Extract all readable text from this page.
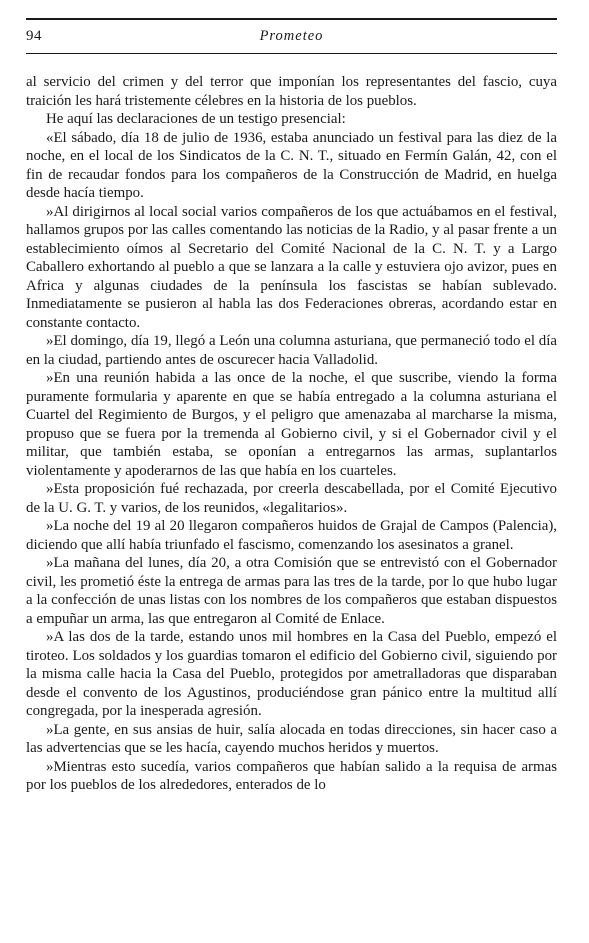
94	Prometeo

al servicio del crimen y del terror que imponían los representantes del fascio, cuya traición les hará tristemente célebres en la historia de los pueblos.

He aquí las declaraciones de un testigo presencial:

«El sábado, día 18 de julio de 1936, estaba anunciado un festival para las diez de la noche, en el local de los Sindicatos de la C. N. T., situado en Fermín Galán, 42, con el fin de recaudar fondos para los compañeros de la Construcción de Madrid, en huelga desde hacía tiempo.

»Al dirigirnos al local social varios compañeros de los que actuábamos en el festival, hallamos grupos por las calles comentando las noticias de la Radio, y al pasar frente a un establecimiento oímos al Secretario del Comité Nacional de la C. N. T. y a Largo Caballero exhortando al pueblo a que se lanzara a la calle y estuviera ojo avizor, pues en Africa y algunas ciudades de la península los fascistas se habían sublevado. Inmediatamente se pusieron al habla las dos Federaciones obreras, acordando estar en constante contacto.

»El domingo, día 19, llegó a León una columna asturiana, que permaneció todo el día en la ciudad, partiendo antes de oscurecer hacia Valladolid.

»En una reunión habida a las once de la noche, el que suscribe, viendo la forma puramente formularia y aparente en que se había entregado a la columna asturiana el Cuartel del Regimiento de Burgos, y el peligro que amenazaba al marcharse la misma, propuso que se fuera por la tremenda al Gobierno civil, y si el Gobernador civil y el militar, que también estaba, se oponían a entregarnos las armas, suplantarlos violentamente y apoderarnos de las que había en los cuarteles.

»Esta proposición fué rechazada, por creerla descabellada, por el Comité Ejecutivo de la U. G. T. y varios, de los reunidos, «legalitarios».

»La noche del 19 al 20 llegaron compañeros huidos de Grajal de Campos (Palencia), diciendo que allí había triunfado el fascismo, comenzando los asesinatos a granel.

»La mañana del lunes, día 20, a otra Comisión que se entrevistó con el Gobernador civil, les prometió éste la entrega de armas para las tres de la tarde, por lo que hubo lugar a la confección de unas listas con los nombres de los compañeros que estaban dispuestos a empuñar un arma, las que entregaron al Comité de Enlace.

»A las dos de la tarde, estando unos mil hombres en la Casa del Pueblo, empezó el tiroteo. Los soldados y los guardias tomaron el edificio del Gobierno civil, siguiendo por la misma calle hacia la Casa del Pueblo, protegidos por ametralladoras que disparaban desde el convento de los Agustinos, produciéndose gran pánico entre la multitud allí congregada, por la inesperada agresión.

»La gente, en sus ansias de huir, salía alocada en todas direcciones, sin hacer caso a las advertencias que se les hacía, cayendo muchos heridos y muertos.

»Mientras esto sucedía, varios compañeros que habían salido a la requisa de armas por los pueblos de los alrededores, enterados de lo
